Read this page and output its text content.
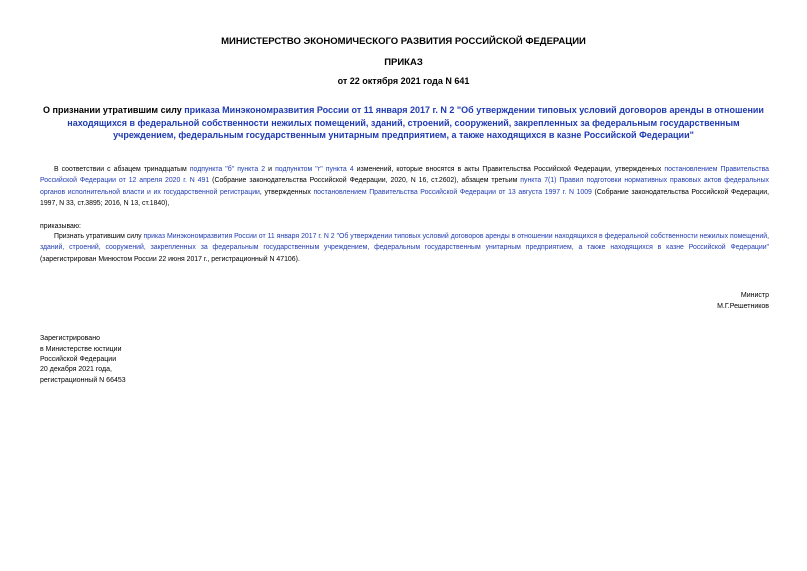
МИНИСТЕРСТВО ЭКОНОМИЧЕСКОГО РАЗВИТИЯ РОССИЙСКОЙ ФЕДЕРАЦИИ
ПРИКАЗ
от 22 октября 2021 года N 641
О признании утратившим силу приказа Минэкономразвития России от 11 января 2017 г. N 2 "Об утверждении типовых условий договоров аренды в отношении находящихся в федеральной собственности нежилых помещений, зданий, строений, сооружений, закрепленных за федеральным государственным учреждением, федеральным государственным унитарным предприятием, а также находящихся в казне Российской Федерации"
В соответствии с абзацем тринадцатым подпункта "б" пункта 2 и подпунктом "г" пункта 4 изменений, которые вносятся в акты Правительства Российской Федерации, утвержденных постановлением Правительства Российской Федерации от 12 апреля 2020 г. N 491 (Собрание законодательства Российской Федерации, 2020, N 16, ст.2602), абзацем третьим пункта 7(1) Правил подготовки нормативных правовых актов федеральных органов исполнительной власти и их государственной регистрации, утвержденных постановлением Правительства Российской Федерации от 13 августа 1997 г. N 1009 (Собрание законодательства Российской Федерации, 1997, N 33, ст.3895; 2016, N 13, ст.1840),
приказываю:
Признать утратившим силу приказ Минэкономразвития России от 11 января 2017 г. N 2 "Об утверждении типовых условий договоров аренды в отношении находящихся в федеральной собственности нежилых помещений, зданий, строений, сооружений, закрепленных за федеральным государственным учреждением, федеральным государственным унитарным предприятием, а также находящихся в казне Российской Федерации" (зарегистрирован Минюстом России 22 июня 2017 г., регистрационный N 47106).
Министр
М.Г.Решетников
Зарегистрировано
в Министерстве юстиции
Российской Федерации
20 декабря 2021 года,
регистрационный N 66453
